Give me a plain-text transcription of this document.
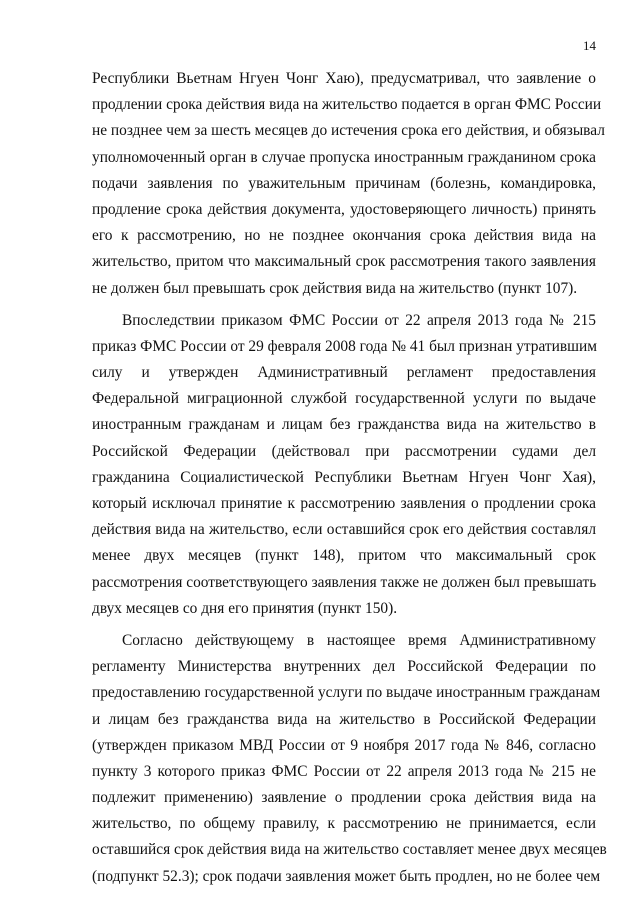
14
Республики Вьетнам Нгуен Чонг Хаю), предусматривал, что заявление о
продлении срока действия вида на жительство подается в орган ФМС России
не позднее чем за шесть месяцев до истечения срока его действия, и обязывал
уполномоченный орган в случае пропуска иностранным гражданином срока
подачи заявления по уважительным причинам (болезнь, командировка,
продление срока действия документа, удостоверяющего личность) принять
его к рассмотрению, но не позднее окончания срока действия вида на
жительство, притом что максимальный срок рассмотрения такого заявления
не должен был превышать срок действия вида на жительство (пункт 107).
Впоследствии приказом ФМС России от 22 апреля 2013 года № 215
приказ ФМС России от 29 февраля 2008 года № 41 был признан утратившим
силу и утвержден Административный регламент предоставления
Федеральной миграционной службой государственной услуги по выдаче
иностранным гражданам и лицам без гражданства вида на жительство в
Российской Федерации (действовал при рассмотрении судами дел
гражданина Социалистической Республики Вьетнам Нгуен Чонг Хая),
который исключал принятие к рассмотрению заявления о продлении срока
действия вида на жительство, если оставшийся срок его действия составлял
менее двух месяцев (пункт 148), притом что максимальный срок
рассмотрения соответствующего заявления также не должен был превышать
двух месяцев со дня его принятия (пункт 150).
Согласно действующему в настоящее время Административному
регламенту Министерства внутренних дел Российской Федерации по
предоставлению государственной услуги по выдаче иностранным гражданам
и лицам без гражданства вида на жительство в Российской Федерации
(утвержден приказом МВД России от 9 ноября 2017 года № 846, согласно
пункту 3 которого приказ ФМС России от 22 апреля 2013 года № 215 не
подлежит применению) заявление о продлении срока действия вида на
жительство, по общему правилу, к рассмотрению не принимается, если
оставшийся срок действия вида на жительство составляет менее двух месяцев
(подпункт 52.3); срок подачи заявления может быть продлен, но не более чем
